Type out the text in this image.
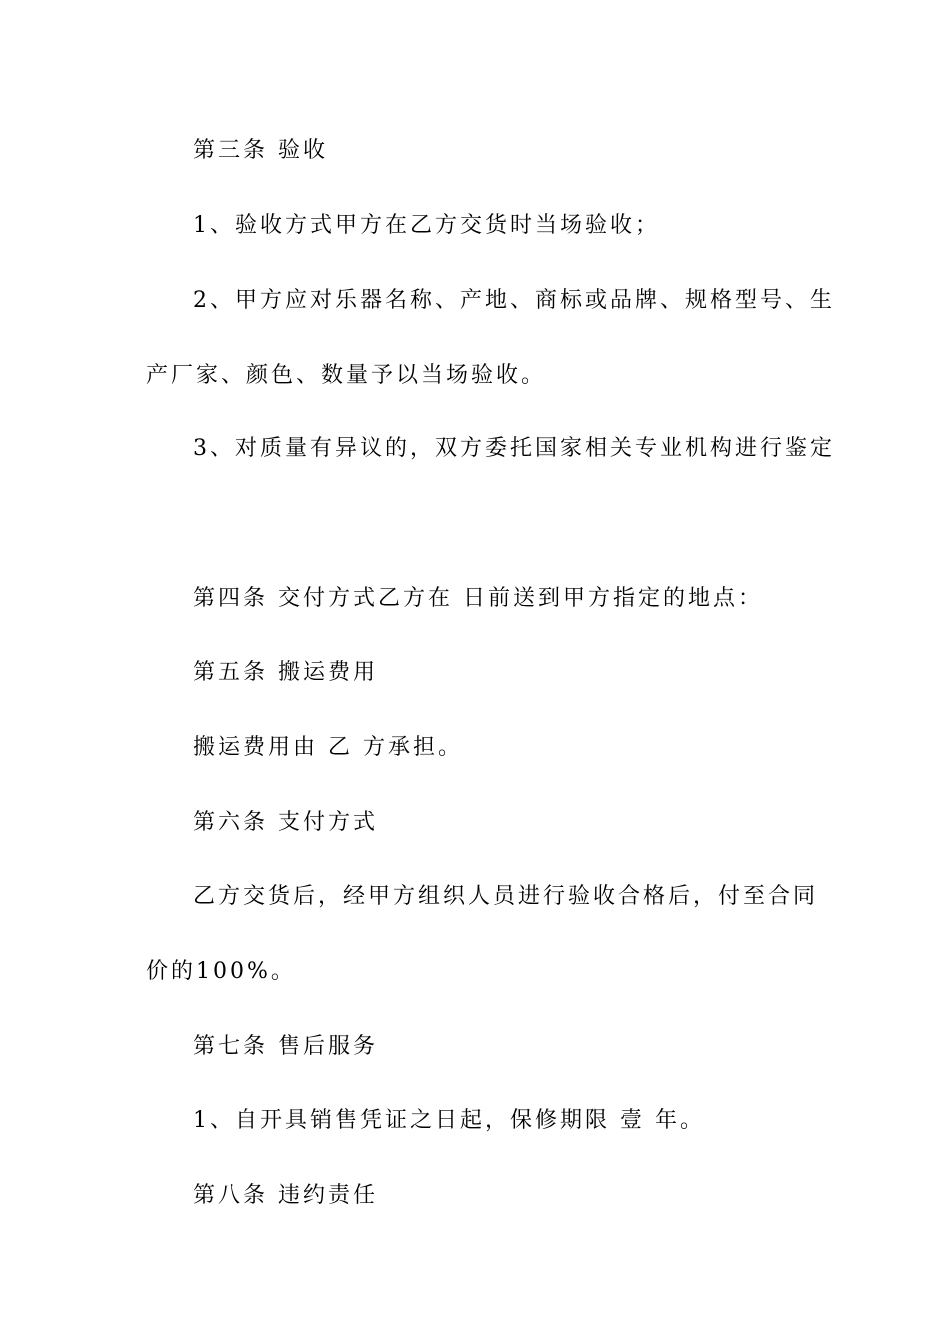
第三条 验收
1、验收方式甲方在乙方交货时当场验收；
2、甲方应对乐器名称、产地、商标或品牌、规格型号、生
产厂家、颜色、数量予以当场验收。
3、对质量有异议的，双方委托国家相关专业机构进行鉴定
第四条 交付方式乙方在 日前送到甲方指定的地点：
第五条 搬运费用
搬运费用由 乙 方承担。
第六条 支付方式
乙方交货后，经甲方组织人员进行验收合格后，付至合同
价的100%。
第七条 售后服务
1、自开具销售凭证之日起，保修期限 壹 年。
第八条 违约责任
